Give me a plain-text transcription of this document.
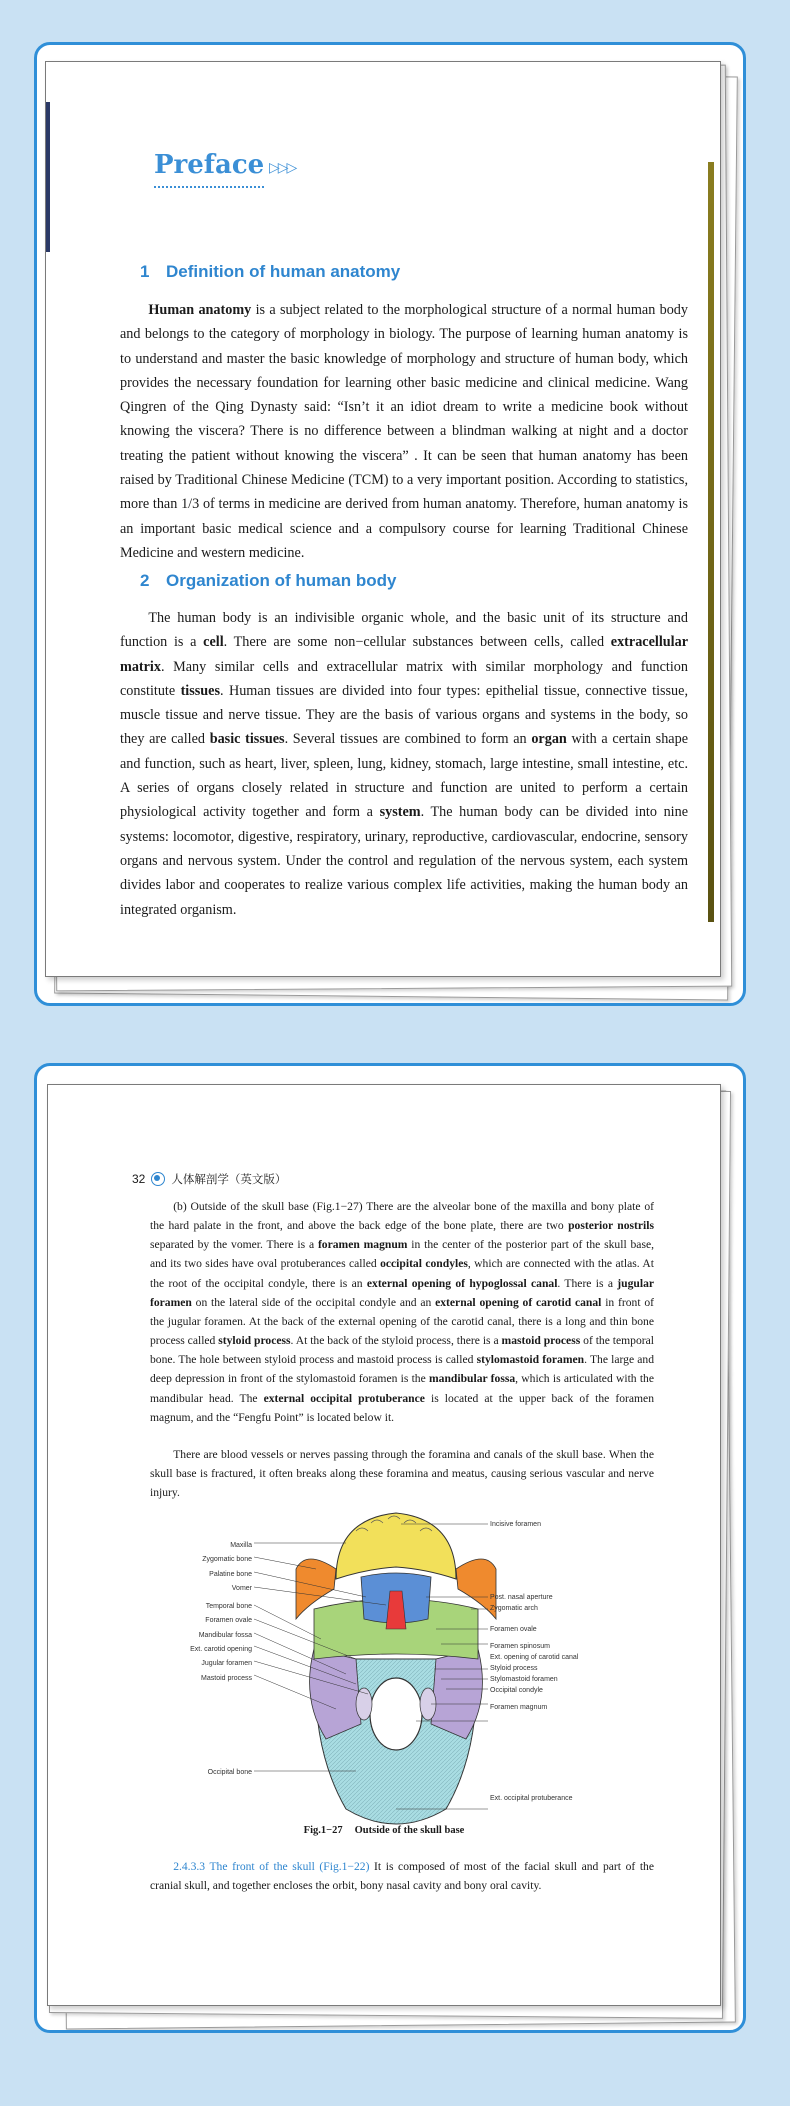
Preface ▷▷▷
1 Definition of human anatomy

Human anatomy is a subject related to the morphological structure of a normal human body and belongs to the category of morphology in biology. The purpose of learning human anatomy is to understand and master the basic knowledge of morphology and structure of human body, which provides the necessary foundation for learning other basic medicine and clinical medicine. Wang Qingren of the Qing Dynasty said: “Isn’t it an idiot dream to write a medicine book without knowing the viscera? There is no difference between a blindman walking at night and a doctor treating the patient without knowing the viscera” . It can be seen that human anatomy has been raised by Traditional Chinese Medicine (TCM) to a very important position. According to statistics, more than 1/3 of terms in medicine are derived from human anatomy. Therefore, human anatomy is an important basic medical science and a compulsory course for learning Traditional Chinese Medicine and western medicine.

2 Organization of human body

The human body is an indivisible organic whole, and the basic unit of its structure and function is a cell. There are some non−cellular substances between cells, called extracellular matrix. Many similar cells and extracellular matrix with similar morphology and function constitute tissues. Human tissues are divided into four types: epithelial tissue, connective tissue, muscle tissue and nerve tissue. They are the basis of various organs and systems in the body, so they are called basic tissues. Several tissues are combined to form an organ with a certain shape and function, such as heart, liver, spleen, lung, kidney, stomach, large intestine, small intestine, etc. A series of organs closely related in structure and function are united to perform a certain physiological activity together and form a system. The human body can be divided into nine systems: locomotor, digestive, respiratory, urinary, reproductive, cardiovascular, endocrine, sensory organs and nervous system. Under the control and regulation of the nervous system, each system divides labor and cooperates to realize various complex life activities, making the human body an integrated organism.

32 人体解剖学（英文版）

(b) Outside of the skull base (Fig.1−27) There are the alveolar bone of the maxilla and bony plate of the hard palate in the front, and above the back edge of the bone plate, there are two posterior nostrils separated by the vomer. There is a foramen magnum in the center of the posterior part of the skull base, and its two sides have oval protuberances called occipital condyles, which are connected with the atlas. At the root of the occipital condyle, there is an external opening of hypoglossal canal. There is a jugular foramen on the lateral side of the occipital condyle and an external opening of carotid canal in front of the jugular foramen. At the back of the external opening of the carotid canal, there is a long and thin bone process called styloid process. At the back of the styloid process, there is a mastoid process of the temporal bone. The hole between styloid process and mastoid process is called stylomastoid foramen. The large and deep depression in front of the stylomastoid foramen is the mandibular fossa, which is articulated with the mandibular head. The external occipital protuberance is located at the upper back of the foramen magnum, and the “Fengfu Point” is located below it.

There are blood vessels or nerves passing through the foramina and canals of the skull base. When the skull base is fractured, it often breaks along these foramina and meatus, causing serious vascular and nerve injury.

Maxilla
Zygomatic bone
Palatine bone
Vomer
Temporal bone
Foramen ovale
Mandibular fossa
Ext. carotid opening
Jugular foramen
Mastoid process
Occipital bone
Incisive foramen
Post. nasal aperture
Zygomatic arch
Foramen ovale
Foramen spinosum
Ext. opening of carotid canal
Styloid process
Stylomastoid foramen
Occipital condyle
Foramen magnum
Ext. occipital protuberance
Fig.1−27 Outside of the skull base

2.4.3.3 The front of the skull (Fig.1−22) It is composed of most of the facial skull and part of the cranial skull, and together encloses the orbit, bony nasal cavity and bony oral cavity.
